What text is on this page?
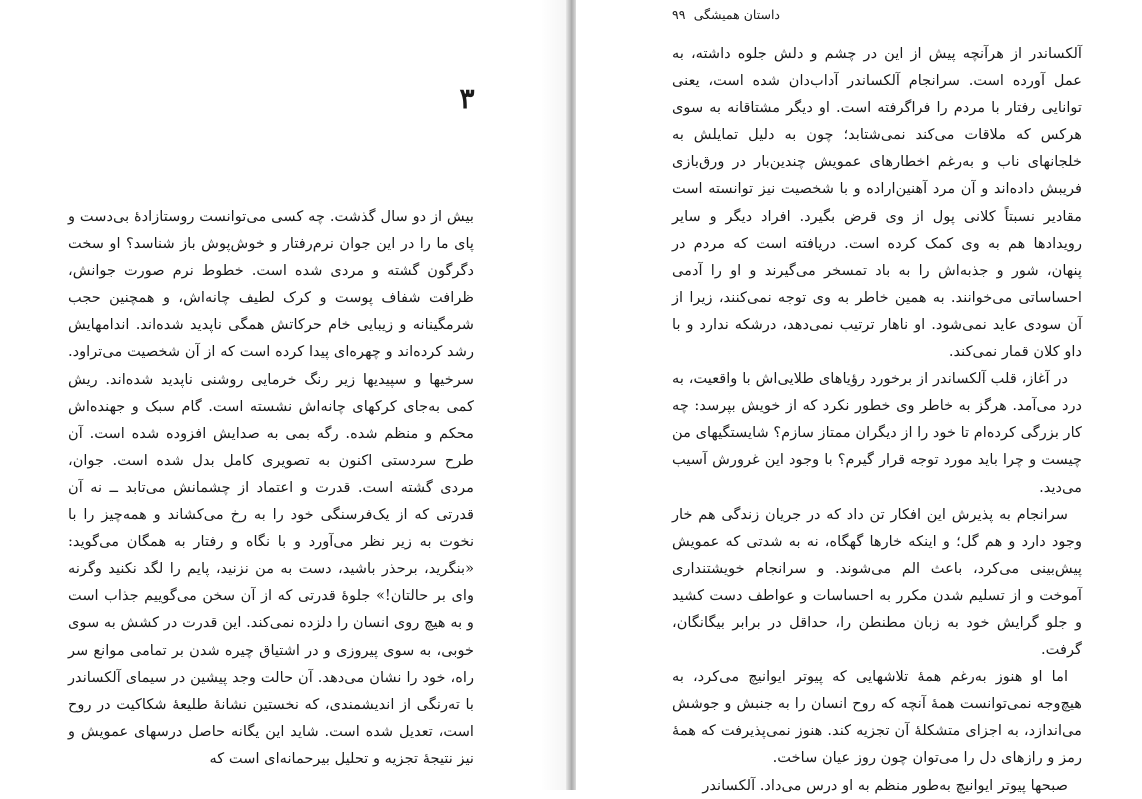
۳

بیش از دو سال گذشت. چه کسی می‌توانست روستازادهٔ بی‌دست و پای ما را در این جوان نرم‌رفتار و خوش‌پوش باز شناسد؟ او سخت دگرگون گشته و مردی شده است. خطوط نرم صورت جوانش، ظرافت شفاف پوست و کرک لطیف چانه‌اش، و همچنین حجب شرمگینانه و زیبایی خام حرکاتش همگی ناپدید شده‌اند. اندامهایش رشد کرده‌اند و چهره‌ای پیدا کرده است که از آن شخصیت می‌تراود. سرخیها و سپیدیها زیر رنگ خرمایی روشنی ناپدید شده‌اند. ریش کمی به‌جای کرکهای چانه‌اش نشسته است. گام سبک و جهنده‌اش محکم و منظم شده. رگه بمی به صدایش افزوده شده است. آن طرح سردستی اکنون به تصویری کامل بدل شده است. جوان، مردی گشته است. قدرت و اعتماد از چشمانش می‌تابد ــ نه آن قدرتی که از یک‌فرسنگی خود را به رخ می‌کشاند و همه‌چیز را با نخوت به زیر نظر می‌آورد و با نگاه و رفتار به همگان می‌گوید: «بنگرید، برحذر باشید، دست به من نزنید، پایم را لگد نکنید وگرنه وای بر حالتان!» جلوهٔ قدرتی که از آن سخن می‌گوییم جذاب است و به هیچ روی انسان را دلزده نمی‌کند. این قدرت در کشش به سوی خوبی، به سوی پیروزی و در اشتیاق چیره شدن بر تمامی موانع سر راه، خود را نشان می‌دهد. آن حالت وجد پیشین در سیمای آلکساندر با ته‌رنگی از اندیشمندی، که نخستین نشانهٔ طلیعهٔ شکاکیت در روح است، تعدیل شده است. شاید این یگانه حاصل درسهای عمویش و نیز نتیجهٔ تجزیه و تحلیل بیرحمانه‌ای است که

داستان همیشگی
۹۹

آلکساندر از هرآنچه پیش از این در چشم و دلش جلوه داشته، به عمل آورده است. سرانجام آلکساندر آداب‌دان شده است، یعنی توانایی رفتار با مردم را فراگرفته است. او دیگر مشتاقانه به سوی هرکس که ملاقات می‌کند نمی‌شتابد؛ چون به دلیل تمایلش به خلجانهای ناب و به‌رغم اخطارهای عمویش چندین‌بار در ورق‌بازی فریبش داده‌اند و آن مرد آهنین‌اراده و با شخصیت نیز توانسته است مقادیر نسبتاً کلانی پول از وی قرض بگیرد. افراد دیگر و سایر رویدادها هم به وی کمک کرده است. دریافته است که مردم در پنهان، شور و جذبه‌اش را به باد تمسخر می‌گیرند و او را آدمی احساساتی می‌خوانند. به همین خاطر به وی توجه نمی‌کنند، زیرا از آن سودی عاید نمی‌شود. او ناهار ترتیب نمی‌دهد، درشکه ندارد و با داو کلان قمار نمی‌کند.

در آغاز، قلب آلکساندر از برخورد رؤیاهای طلایی‌اش با واقعیت، به درد می‌آمد. هرگز به خاطر وی خطور نکرد که از خویش بپرسد: چه کار بزرگی کرده‌ام تا خود را از دیگران ممتاز سازم؟ شایستگیهای من چیست و چرا باید مورد توجه قرار گیرم؟ با وجود این غرورش آسیب می‌دید.

سرانجام به پذیرش این افکار تن داد که در جریان زندگی هم خار وجود دارد و هم گل؛ و اینکه خارها گهگاه، نه به شدتی که عمویش پیش‌بینی می‌کرد، باعث الم می‌شوند. و سرانجام خویشتنداری آموخت و از تسلیم شدن مکرر به احساسات و عواطف دست کشید و جلو گرایش خود به زبان مطنطن را، حداقل در برابر بیگانگان، گرفت.

اما او هنوز به‌رغم همهٔ تلاشهایی که پیوتر ایوانیچ می‌کرد، به هیچ‌وجه نمی‌توانست همهٔ آنچه که روح انسان را به جنبش و جوشش می‌اندازد، به اجزای متشکلهٔ آن تجزیه کند. هنوز نمی‌پذیرفت که همهٔ رمز و رازهای دل را می‌توان چون روز عیان ساخت.

صبحها پیوتر ایوانیچ به‌طور منظم به او درس می‌داد. آلکساندر
